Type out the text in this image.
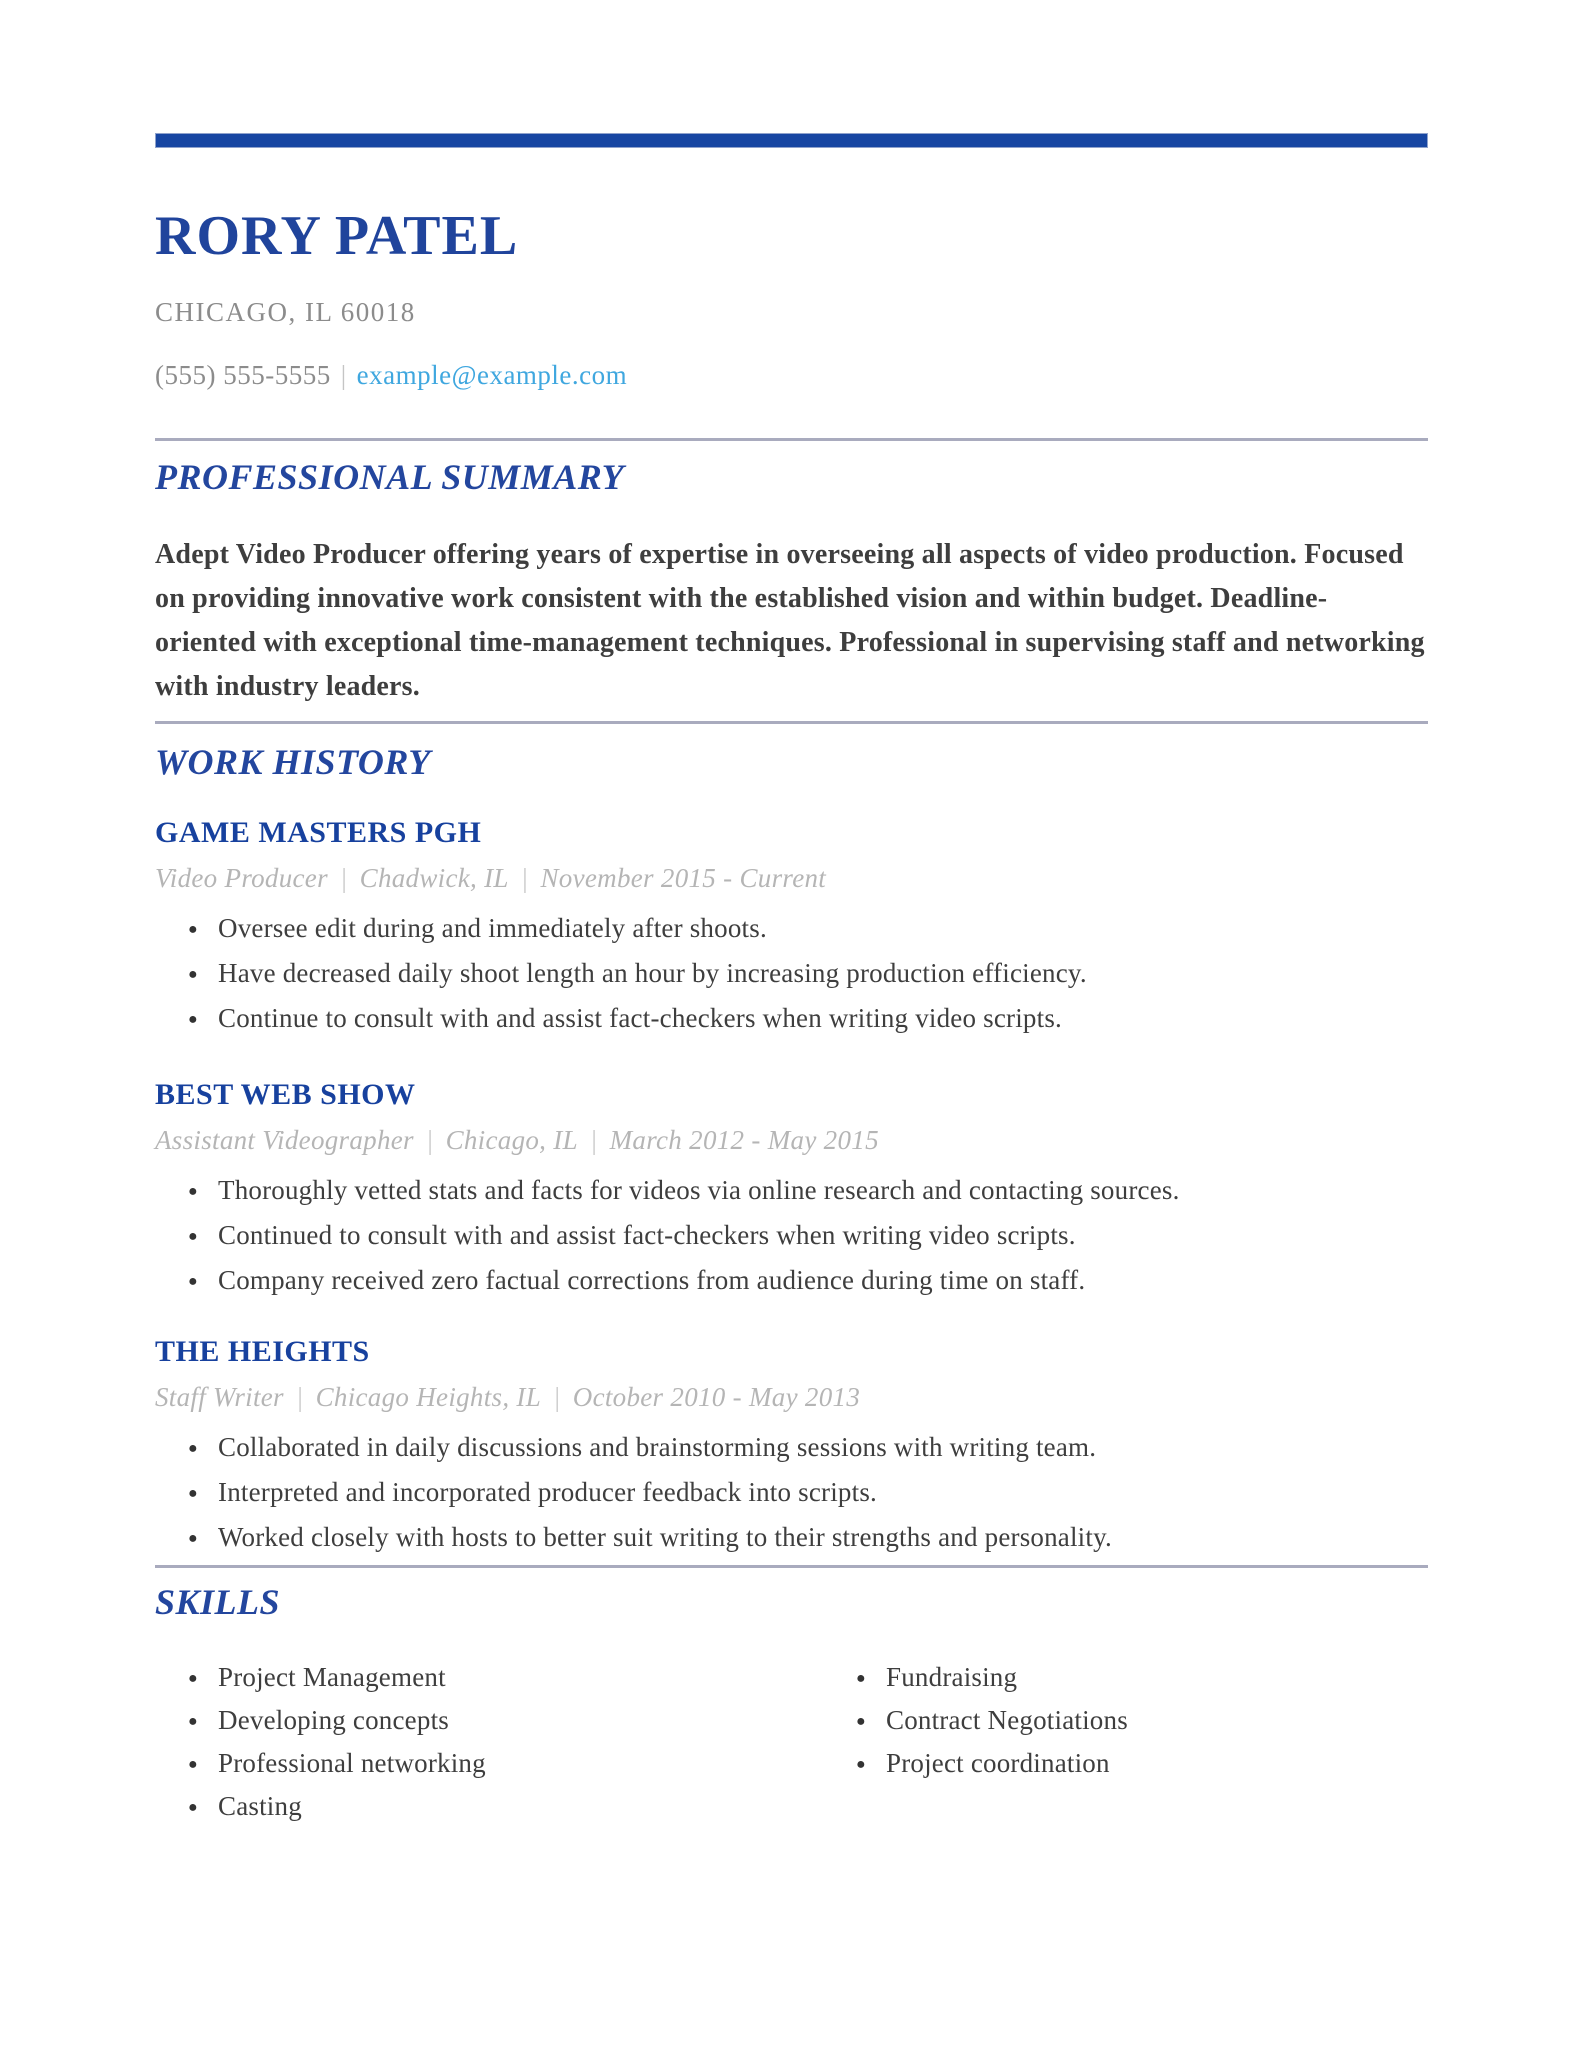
RORY PATEL
CHICAGO, IL 60018
(555) 555-5555 | example@example.com
PROFESSIONAL SUMMARY
Adept Video Producer offering years of expertise in overseeing all aspects of video production. Focused on providing innovative work consistent with the established vision and within budget. Deadline-oriented with exceptional time-management techniques. Professional in supervising staff and networking with industry leaders.
WORK HISTORY
GAME MASTERS PGH
Video Producer | Chadwick, IL | November 2015 - Current
● Oversee edit during and immediately after shoots.
● Have decreased daily shoot length an hour by increasing production efficiency.
● Continue to consult with and assist fact-checkers when writing video scripts.
BEST WEB SHOW
Assistant Videographer | Chicago, IL | March 2012 - May 2015
● Thoroughly vetted stats and facts for videos via online research and contacting sources.
● Continued to consult with and assist fact-checkers when writing video scripts.
● Company received zero factual corrections from audience during time on staff.
THE HEIGHTS
Staff Writer | Chicago Heights, IL | October 2010 - May 2013
● Collaborated in daily discussions and brainstorming sessions with writing team.
● Interpreted and incorporated producer feedback into scripts.
● Worked closely with hosts to better suit writing to their strengths and personality.
SKILLS
● Project Management
● Developing concepts
● Professional networking
● Casting
● Fundraising
● Contract Negotiations
● Project coordination
